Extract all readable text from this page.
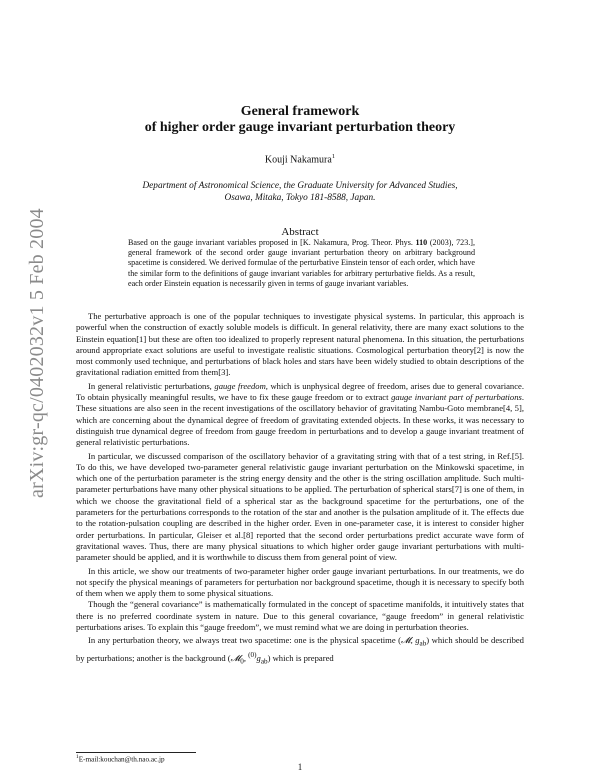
arXiv:gr-qc/0402032v1 5 Feb 2004
General framework
of higher order gauge invariant perturbation theory
Kouji Nakamura$^1$
Department of Astronomical Science, the Graduate University for Advanced Studies,
Osawa, Mitaka, Tokyo 181-8588, Japan.
Abstract
Based on the gauge invariant variables proposed in [K. Nakamura, Prog. Theor. Phys. 110 (2003), 723.], general framework of the second order gauge invariant perturbation theory on arbitrary background spacetime is considered. We derived formulae of the perturbative Einstein tensor of each order, which have the similar form to the definitions of gauge invariant variables for arbitrary perturbative fields. As a result, each order Einstein equation is necessarily given in terms of gauge invariant variables.

The perturbative approach is one of the popular techniques to investigate physical systems. In particular, this approach is powerful when the construction of exactly soluble models is difficult. In general relativity, there are many exact solutions to the Einstein equation[1] but these are often too idealized to properly represent natural phenomena. In this situation, the perturbations around appropriate exact solutions are useful to investigate realistic situations. Cosmological perturbation theory[2] is now the most commonly used technique, and perturbations of black holes and stars have been widely studied to obtain descriptions of the gravitational radiation emitted from them[3].

In general relativistic perturbations, gauge freedom, which is unphysical degree of freedom, arises due to general covariance. To obtain physically meaningful results, we have to fix these gauge freedom or to extract gauge invariant part of perturbations. These situations are also seen in the recent investigations of the oscillatory behavior of gravitating Nambu-Goto membrane[4, 5], which are concerning about the dynamical degree of freedom of gravitating extended objects. In these works, it was necessary to distinguish true dynamical degree of freedom from gauge freedom in perturbations and to develop a gauge invariant treatment of general relativistic perturbations.

In particular, we discussed comparison of the oscillatory behavior of a gravitating string with that of a test string, in Ref.[5]. To do this, we have developed two-parameter general relativistic gauge invariant perturbation on the Minkowski spacetime, in which one of the perturbation parameter is the string energy density and the other is the string oscillation amplitude. Such multi-parameter perturbations have many other physical situations to be applied. The perturbation of spherical stars[7] is one of them, in which we choose the gravitational field of a spherical star as the background spacetime for the perturbations, one of the parameters for the perturbations corresponds to the rotation of the star and another is the pulsation amplitude of it. The effects due to the rotation-pulsation coupling are described in the higher order. Even in one-parameter case, it is interest to consider higher order perturbations. In particular, Gleiser et al.[8] reported that the second order perturbations predict accurate wave form of gravitational waves. Thus, there are many physical situations to which higher order gauge invariant perturbations with multi-parameter should be applied, and it is worthwhile to discuss them from general point of view.

In this article, we show our treatments of two-parameter higher order gauge invariant perturbations. In our treatments, we do not specify the physical meanings of parameters for perturbation nor background spacetime, though it is necessary to specify both of them when we apply them to some physical situations.

Though the “general covariance” is mathematically formulated in the concept of spacetime manifolds, it intuitively states that there is no preferred coordinate system in nature. Due to this general covariance, “gauge freedom” in general relativistic perturbations arises. To explain this “gauge freedom”, we must remind what we are doing in perturbation theories.

In any perturbation theory, we always treat two spacetime: one is the physical spacetime (𝓜, $g_{ab}$) which should be described by perturbations; another is the background (𝓜$_0$, $^{(0)}g_{ab}$) which is prepared

$^1$E-mail:kouchan@th.nao.ac.jp
1
